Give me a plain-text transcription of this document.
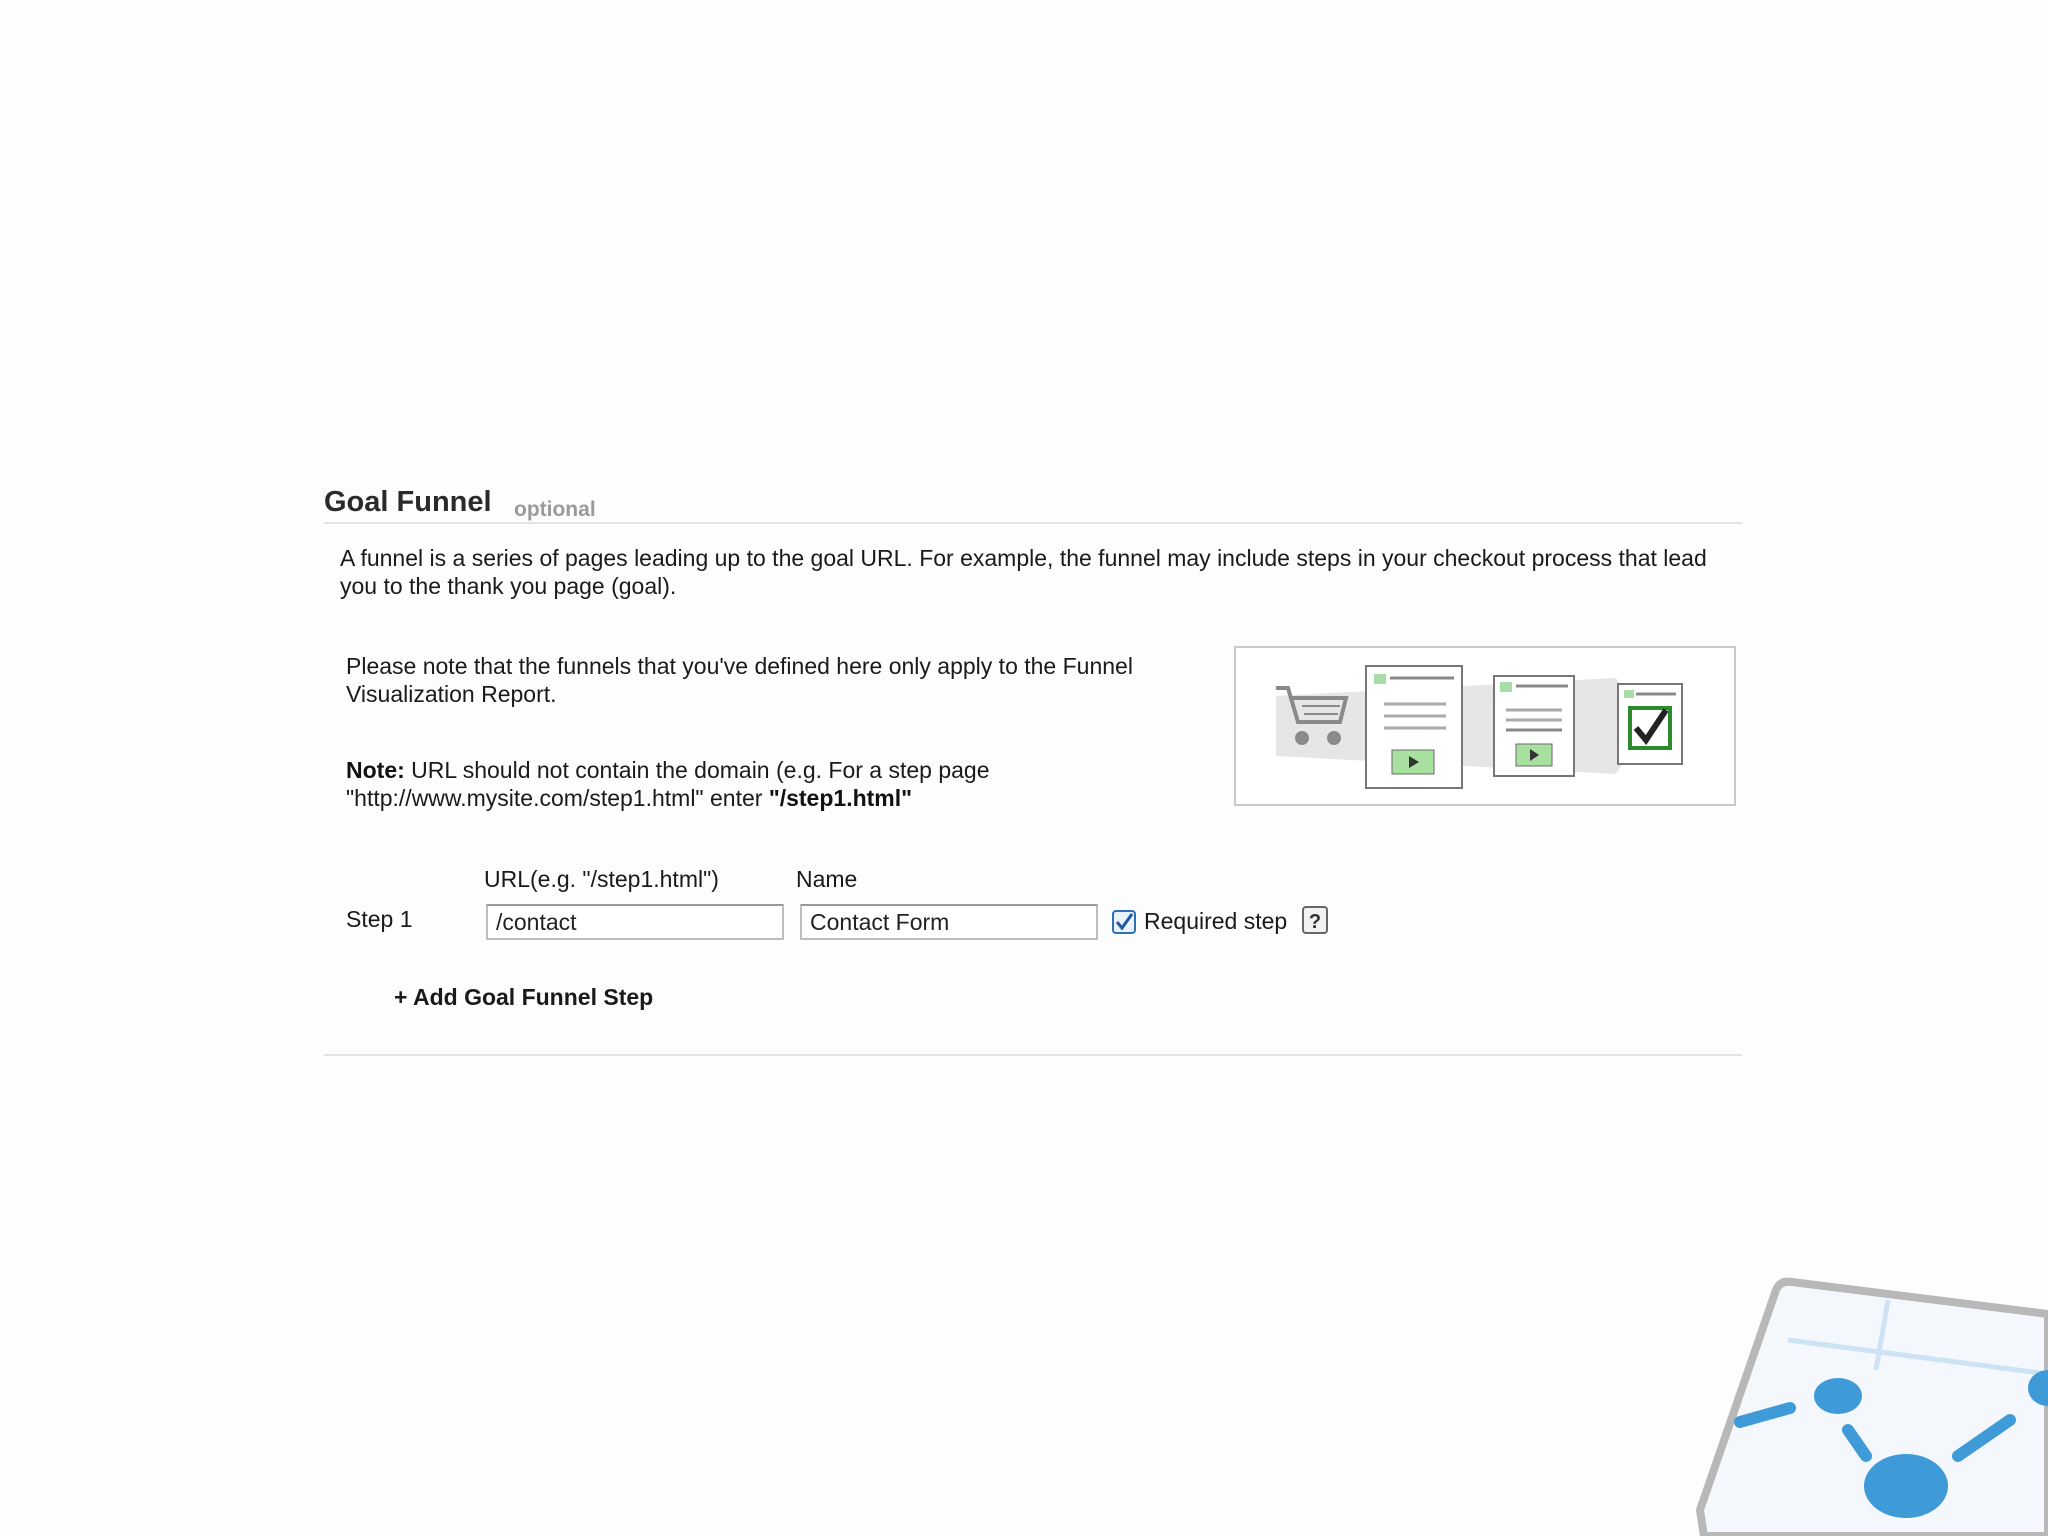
Goal Funnel optional
A funnel is a series of pages leading up to the goal URL. For example, the funnel may include steps in your checkout process that lead you to the thank you page (goal).

Please note that the funnels that you've defined here only apply to the Funnel Visualization Report.

Note: URL should not contain the domain (e.g. For a step page "http://www.mysite.com/step1.html" enter "/step1.html"

URL(e.g. "/step1.html")	Name
Step 1
/contact
Contact Form	Required step ?
+ Add Goal Funnel Step
